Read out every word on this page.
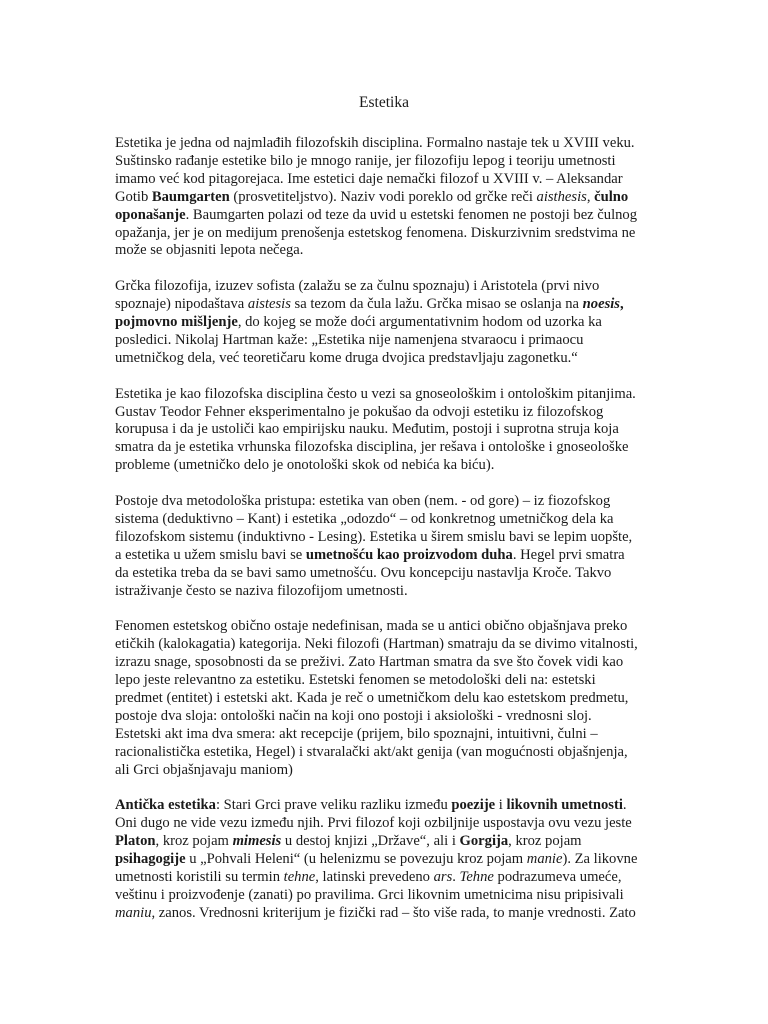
Estetika

Estetika je jedna od najmlađih filozofskih disciplina. Formalno nastaje tek u XVIII veku.
Suštinsko rađanje estetike bilo je mnogo ranije, jer filozofiju lepog i teoriju umetnosti
imamo već kod pitagorejaca. Ime estetici daje nemački filozof u XVIII v. – Aleksandar
Gotib Baumgarten (prosvetiteljstvo). Naziv vodi poreklo od grčke reči aisthesis, čulno
oponašanje. Baumgarten polazi od teze da uvid u estetski fenomen ne postoji bez čulnog
opažanja, jer je on medijum prenošenja estetskog fenomena. Diskurzivnim sredstvima ne
može se objasniti lepota nečega.

Grčka filozofija, izuzev sofista (zalažu se za čulnu spoznaju) i Aristotela (prvi nivo
spoznaje) nipodaštava aistesis sa tezom da čula lažu. Grčka misao se oslanja na noesis,
pojmovno mišljenje, do kojeg se može doći argumentativnim hodom od uzorka ka
posledici. Nikolaj Hartman kaže: „Estetika nije namenjena stvaraocu i primaocu
umetničkog dela, već teoretičaru kome druga dvojica predstavljaju zagonetku.“

Estetika je kao filozofska disciplina često u vezi sa gnoseološkim i ontološkim pitanjima.
Gustav Teodor Fehner eksperimentalno je pokušao da odvoji estetiku iz filozofskog
korupusa i da je ustoliči kao empirijsku nauku. Međutim, postoji i suprotna struja koja
smatra da je estetika vrhunska filozofska disciplina, jer rešava i ontološke i gnoseološke
probleme (umetničko delo je onotološki skok od nebića ka biću).

Postoje dva metodološka pristupa: estetika van oben (nem. - od gore) – iz fiozofskog
sistema (deduktivno – Kant) i estetika „odozdo“ – od konkretnog umetničkog dela ka
filozofskom sistemu (induktivno - Lesing). Estetika u širem smislu bavi se lepim uopšte,
a estetika u užem smislu bavi se umetnošću kao proizvodom duha. Hegel prvi smatra
da estetika treba da se bavi samo umetnošću. Ovu koncepciju nastavlja Kroče. Takvo
istraživanje često se naziva filozofijom umetnosti.

Fenomen estetskog obično ostaje nedefinisan, mada se u antici obično objašnjava preko
etičkih (kalokagatia) kategorija. Neki filozofi (Hartman) smatraju da se divimo vitalnosti,
izrazu snage, sposobnosti da se preživi. Zato Hartman smatra da sve što čovek vidi kao
lepo jeste relevantno za estetiku. Estetski fenomen se metodološki deli na: estetski
predmet (entitet) i estetski akt. Kada je reč o umetničkom delu kao estetskom predmetu,
postoje dva sloja: ontološki način na koji ono postoji i aksiološki - vrednosni sloj.
Estetski akt ima dva smera: akt recepcije (prijem, bilo spoznajni, intuitivni, čulni –
racionalistička estetika, Hegel) i stvaralački akt/akt genija (van mogućnosti objašnjenja,
ali Grci objašnjavaju maniom)

Antička estetika: Stari Grci prave veliku razliku između poezije i likovnih umetnosti.
Oni dugo ne vide vezu između njih. Prvi filozof koji ozbiljnije uspostavja ovu vezu jeste
Platon, kroz pojam mimesis u destoj knjizi „Države“, ali i Gorgija, kroz pojam
psihagogije u „Pohvali Heleni“ (u helenizmu se povezuju kroz pojam manie). Za likovne
umetnosti koristili su termin tehne, latinski prevedeno ars. Tehne podrazumeva umeće,
veštinu i proizvođenje (zanati) po pravilima. Grci likovnim umetnicima nisu pripisivali
maniu, zanos. Vrednosni kriterijum je fizički rad – što više rada, to manje vrednosti. Zato
